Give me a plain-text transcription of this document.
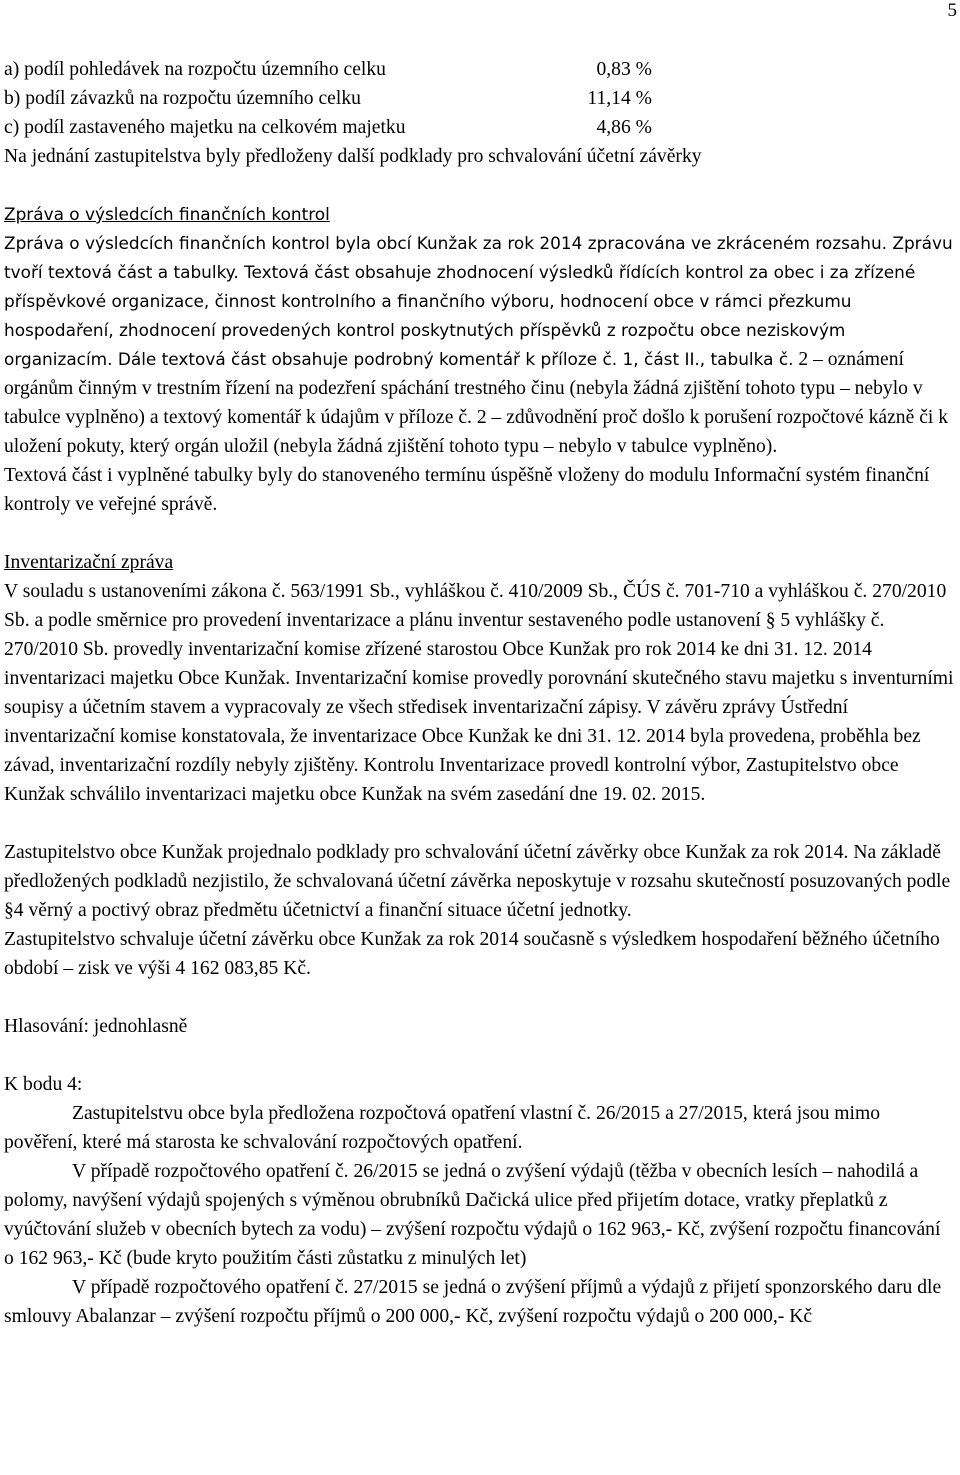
5
a) podíl pohledávek na rozpočtu územního celku	0,83 %
b) podíl závazků na rozpočtu územního celku	11,14 %
c) podíl zastaveného majetku na celkovém majetku	4,86 %

Na jednání zastupitelstva byly předloženy další podklady pro schvalování účetní závěrky

Zpráva o výsledcích finančních kontrol

Zpráva o výsledcích finančních kontrol byla obcí Kunžak za rok 2014 zpracována ve zkráceném rozsahu. Zprávu tvoří textová část a tabulky. Textová část obsahuje zhodnocení výsledků řídících kontrol za obec i za zřízené příspěvkové organizace, činnost kontrolního a finančního výboru, hodnocení obce v rámci přezkumu hospodaření, zhodnocení provedených kontrol poskytnutých příspěvků z rozpočtu obce neziskovým organizacím. Dále textová část obsahuje podrobný komentář k příloze č. 1, část II., tabulka č. 2 – oznámení orgánům činným v trestním řízení na podezření spáchání trestného činu (nebyla žádná zjištění tohoto typu – nebylo v tabulce vyplněno) a textový komentář k údajům v příloze č. 2 – zdůvodnění proč došlo k porušení rozpočtové kázně či k uložení pokuty, který orgán uložil (nebyla žádná zjištění tohoto typu – nebylo v tabulce vyplněno).

Textová část i vyplněné tabulky byly do stanoveného termínu úspěšně vloženy do modulu Informační systém finanční kontroly ve veřejné správě.

Inventarizační zpráva

V souladu s ustanoveními zákona č. 563/1991 Sb., vyhláškou č. 410/2009 Sb., ČÚS č. 701-710 a vyhláškou č. 270/2010 Sb. a podle směrnice pro provedení inventarizace a plánu inventur sestaveného podle ustanovení § 5 vyhlášky č. 270/2010 Sb. provedly inventarizační komise zřízené starostou Obce Kunžak pro rok 2014 ke dni 31. 12. 2014 inventarizaci majetku Obce Kunžak. Inventarizační komise provedly porovnání skutečného stavu majetku s inventurními soupisy a účetním stavem a vypracovaly ze všech středisek inventarizační zápisy. V závěru zprávy Ústřední inventarizační komise konstatovala, že inventarizace Obce Kunžak ke dni 31. 12. 2014 byla provedena, proběhla bez závad, inventarizační rozdíly nebyly zjištěny. Kontrolu Inventarizace provedl kontrolní výbor, Zastupitelstvo obce Kunžak schválilo inventarizaci majetku obce Kunžak na svém zasedání dne 19. 02. 2015.

Zastupitelstvo obce Kunžak projednalo podklady pro schvalování účetní závěrky obce Kunžak za rok 2014. Na základě předložených podkladů nezjistilo, že schvalovaná účetní závěrka neposkytuje v rozsahu skutečností posuzovaných podle §4 věrný a poctivý obraz předmětu účetnictví a finanční situace účetní jednotky.

Zastupitelstvo schvaluje účetní závěrku obce Kunžak za rok 2014 současně s výsledkem hospodaření běžného účetního období – zisk ve výši 4 162 083,85 Kč.

Hlasování: jednohlasně

K bodu 4:

Zastupitelstvu obce byla předložena rozpočtová opatření vlastní č. 26/2015 a 27/2015, která jsou mimo pověření, které má starosta ke schvalování rozpočtových opatření.

V případě rozpočtového opatření č. 26/2015 se jedná o zvýšení výdajů (těžba v obecních lesích – nahodilá a polomy, navýšení výdajů spojených s výměnou obrubníků Dačická ulice před přijetím dotace, vratky přeplatků z vyúčtování služeb v obecních bytech za vodu) – zvýšení rozpočtu výdajů o 162 963,- Kč, zvýšení rozpočtu financování o 162 963,- Kč (bude kryto použitím části zůstatku z minulých let)

V případě rozpočtového opatření č. 27/2015 se jedná o zvýšení příjmů a výdajů z přijetí sponzorského daru dle smlouvy Abalanzar – zvýšení rozpočtu příjmů o 200 000,- Kč, zvýšení rozpočtu výdajů o 200 000,- Kč
